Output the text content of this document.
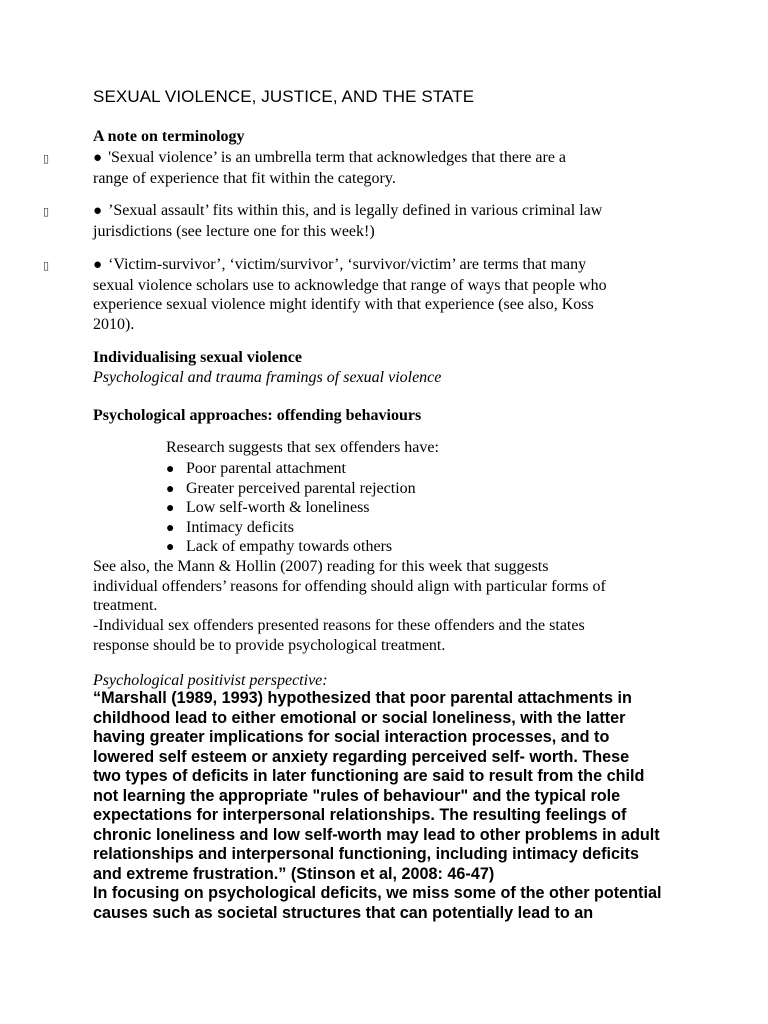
SEXUAL VIOLENCE, JUSTICE, AND THE STATE
A note on terminology
▯	● 'Sexual violence’ is an umbrella term that acknowledges that there are a
range of experience that fit within the category.
▯	● ’Sexual assault’ fits within this, and is legally defined in various criminal law
jurisdictions (see lecture one for this week!)
▯	● ‘Victim-survivor’, ‘victim/survivor’, ‘survivor/victim’ are terms that many
sexual violence scholars use to acknowledge that range of ways that people who
experience sexual violence might identify with that experience (see also, Koss
2010).
Individualising sexual violence
Psychological and trauma framings of sexual violence
Psychological approaches: offending behaviours
Research suggests that sex offenders have:
● Poor parental attachment
● Greater perceived parental rejection
● Low self-worth & loneliness
● Intimacy deficits
● Lack of empathy towards others
See also, the Mann & Hollin (2007) reading for this week that suggests
individual offenders’ reasons for offending should align with particular forms of
treatment.
-Individual sex offenders presented reasons for these offenders and the states
response should be to provide psychological treatment.
Psychological positivist perspective:

“Marshall (1989, 1993) hypothesized that poor parental attachments in

childhood lead to either emotional or social loneliness, with the latter

having greater implications for social interaction processes, and to

lowered self esteem or anxiety regarding perceived self- worth. These

two types of deficits in later functioning are said to result from the child

not learning the appropriate "rules of behaviour" and the typical role

expectations for interpersonal relationships. The resulting feelings of

chronic loneliness and low self-worth may lead to other problems in adult

relationships and interpersonal functioning, including intimacy deficits

and extreme frustration.” (Stinson et al, 2008: 46-47)

In focusing on psychological deficits, we miss some of the other potential

causes such as societal structures that can potentially lead to an
